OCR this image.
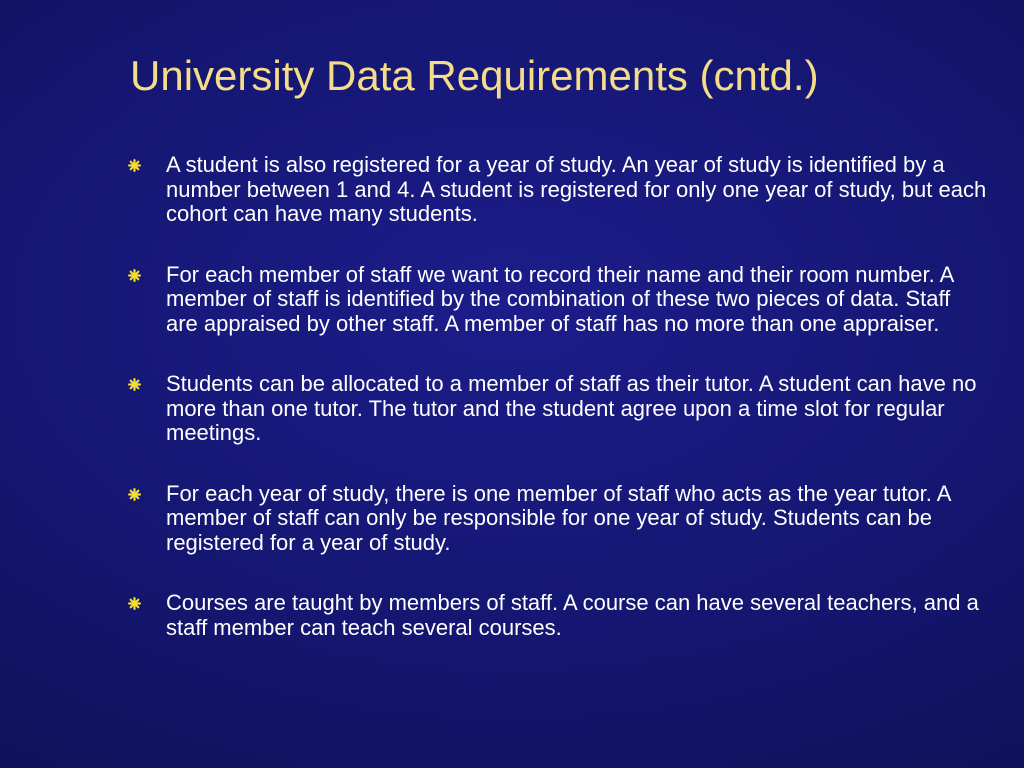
University Data Requirements (cntd.)
A student is also registered for a year of study. An year of study is identified by a number between 1 and 4. A student is registered for only one year of study, but each cohort can have many students.
For each member of staff we want to record their name and their room number. A member of staff is identified by the combination of these two pieces of data. Staff are appraised by other staff. A member of staff has no more than one appraiser.
Students can be allocated to a member of staff as their tutor. A student can have no more than one tutor. The tutor and the student agree upon a time slot for regular meetings.
For each year of study, there is one member of staff who acts as the year tutor. A member of staff can only be responsible for one year of study. Students can be registered for a year of study.
Courses are taught by members of staff. A course can have several teachers, and a staff member can teach several courses.
